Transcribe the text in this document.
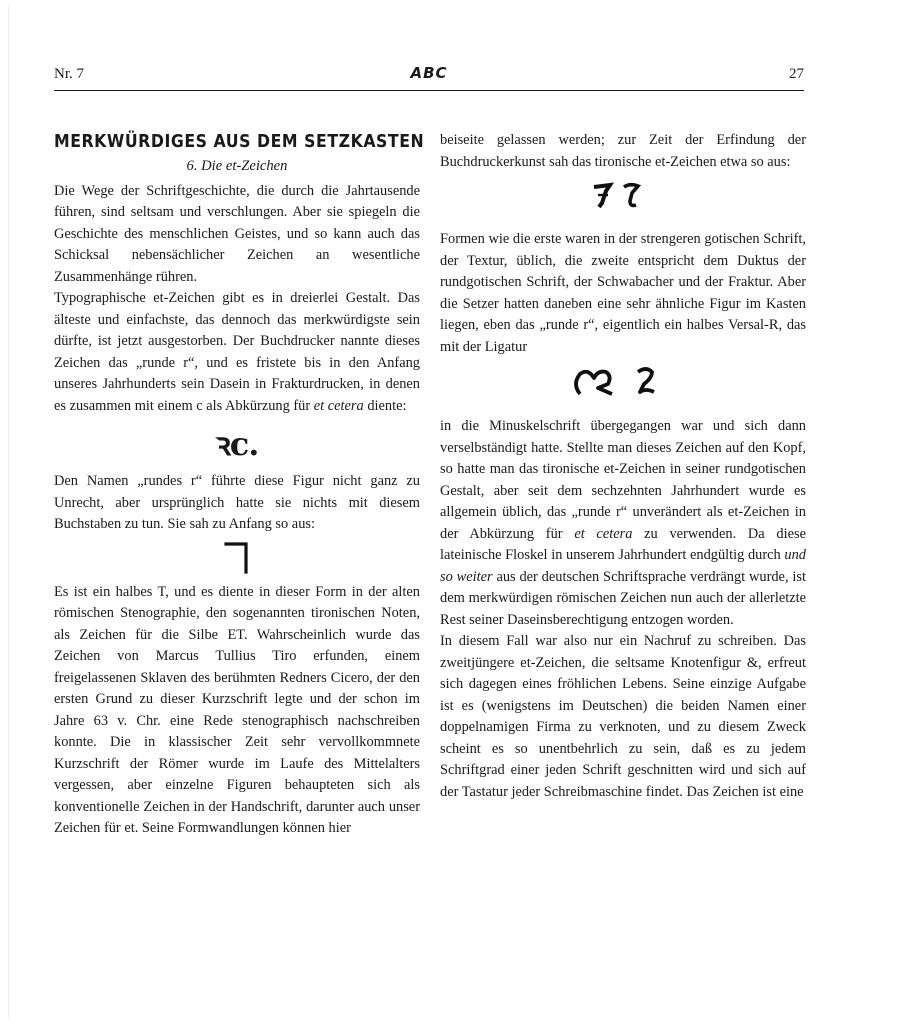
Nr. 7	ABC	27
MERKWÜRDIGES AUS DEM SETZKASTEN
6. Die et-Zeichen

Die Wege der Schriftgeschichte, die durch die Jahrtausende führen, sind seltsam und verschlungen. Aber sie spiegeln die Geschichte des menschlichen Geistes, und so kann auch das Schicksal nebensächlicher Zeichen an wesentliche Zusammenhänge rühren.

Typographische et-Zeichen gibt es in dreierlei Gestalt. Das älteste und einfachste, das dennoch das merkwürdigste sein dürfte, ist jetzt ausgestorben. Der Buchdrucker nannte dieses Zeichen das „runde r“, und es fristete bis in den Anfang unseres Jahrhunderts sein Dasein in Frakturdrucken, in denen es zusammen mit einem c als Abkürzung für et cetera diente:

ꝛc.

Den Namen „rundes r“ führte diese Figur nicht ganz zu Unrecht, aber ursprünglich hatte sie nichts mit diesem Buchstaben zu tun. Sie sah zu Anfang so aus:

Es ist ein halbes T, und es diente in dieser Form in der alten römischen Stenographie, den sogenannten tironischen Noten, als Zeichen für die Silbe ET. Wahrscheinlich wurde das Zeichen von Marcus Tullius Tiro erfunden, einem freigelassenen Sklaven des berühmten Redners Cicero, der den ersten Grund zu dieser Kurzschrift legte und der schon im Jahre 63 v. Chr. eine Rede stenographisch nachschreiben konnte. Die in klassischer Zeit sehr vervollkommnete Kurzschrift der Römer wurde im Laufe des Mittelalters vergessen, aber einzelne Figuren behaupteten sich als konventionelle Zeichen in der Handschrift, darunter auch unser Zeichen für et. Seine Formwandlungen können hier

beiseite gelassen werden; zur Zeit der Erfindung der Buchdruckerkunst sah das tironische et-Zeichen etwa so aus:

Formen wie die erste waren in der strengeren gotischen Schrift, der Textur, üblich, die zweite entspricht dem Duktus der rundgotischen Schrift, der Schwabacher und der Fraktur. Aber die Setzer hatten daneben eine sehr ähnliche Figur im Kasten liegen, eben das „runde r“, eigentlich ein halbes Versal-R, das mit der Ligatur

in die Minuskelschrift übergegangen war und sich dann verselbständigt hatte. Stellte man dieses Zeichen auf den Kopf, so hatte man das tironische et-Zeichen in seiner rundgotischen Gestalt, aber seit dem sechzehnten Jahrhundert wurde es allgemein üblich, das „runde r“ unverändert als et-Zeichen in der Abkürzung für et cetera zu verwenden. Da diese lateinische Floskel in unserem Jahrhundert endgültig durch und so weiter aus der deutschen Schriftsprache verdrängt wurde, ist dem merkwürdigen römischen Zeichen nun auch der allerletzte Rest seiner Daseinsberechtigung entzogen worden.

In diesem Fall war also nur ein Nachruf zu schreiben. Das zweitjüngere et-Zeichen, die seltsame Knotenfigur &, erfreut sich dagegen eines fröhlichen Lebens. Seine einzige Aufgabe ist es (wenigstens im Deutschen) die beiden Namen einer doppelnamigen Firma zu verknoten, und zu diesem Zweck scheint es so unentbehrlich zu sein, daß es zu jedem Schriftgrad einer jeden Schrift geschnitten wird und sich auf der Tastatur jeder Schreibmaschine findet. Das Zeichen ist eine
